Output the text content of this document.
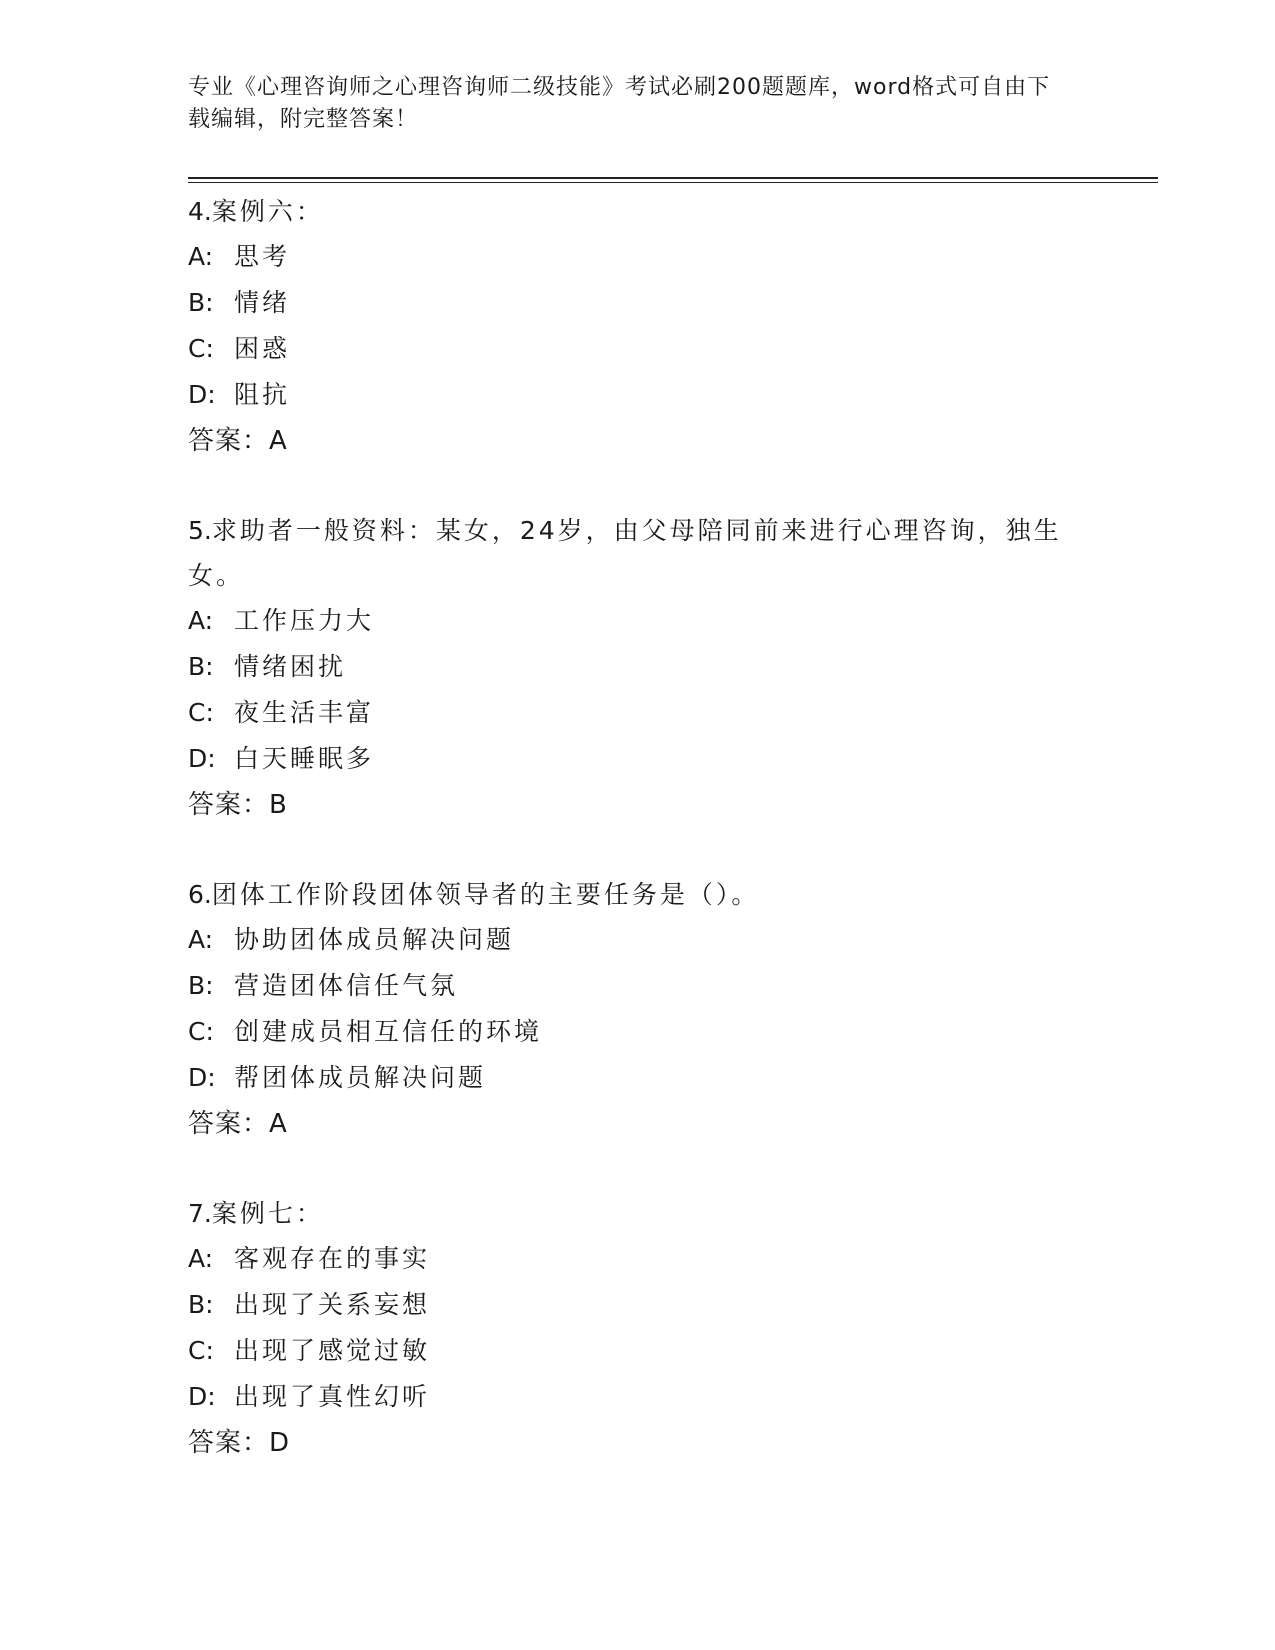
专业《心理咨询师之心理咨询师二级技能》考试必刷200题题库，word格式可自由下载编辑，附完整答案！
4.案例六：
A: 思考
B: 情绪
C: 困惑
D: 阻抗
答案：A
5.求助者一般资料：某女，24岁，由父母陪同前来进行心理咨询，独生女。
A: 工作压力大
B: 情绪困扰
C: 夜生活丰富
D: 白天睡眠多
答案：B
6.团体工作阶段团体领导者的主要任务是（）。
A: 协助团体成员解决问题
B: 营造团体信任气氛
C: 创建成员相互信任的环境
D: 帮团体成员解决问题
答案：A
7.案例七：
A: 客观存在的事实
B: 出现了关系妄想
C: 出现了感觉过敏
D: 出现了真性幻听
答案：D
